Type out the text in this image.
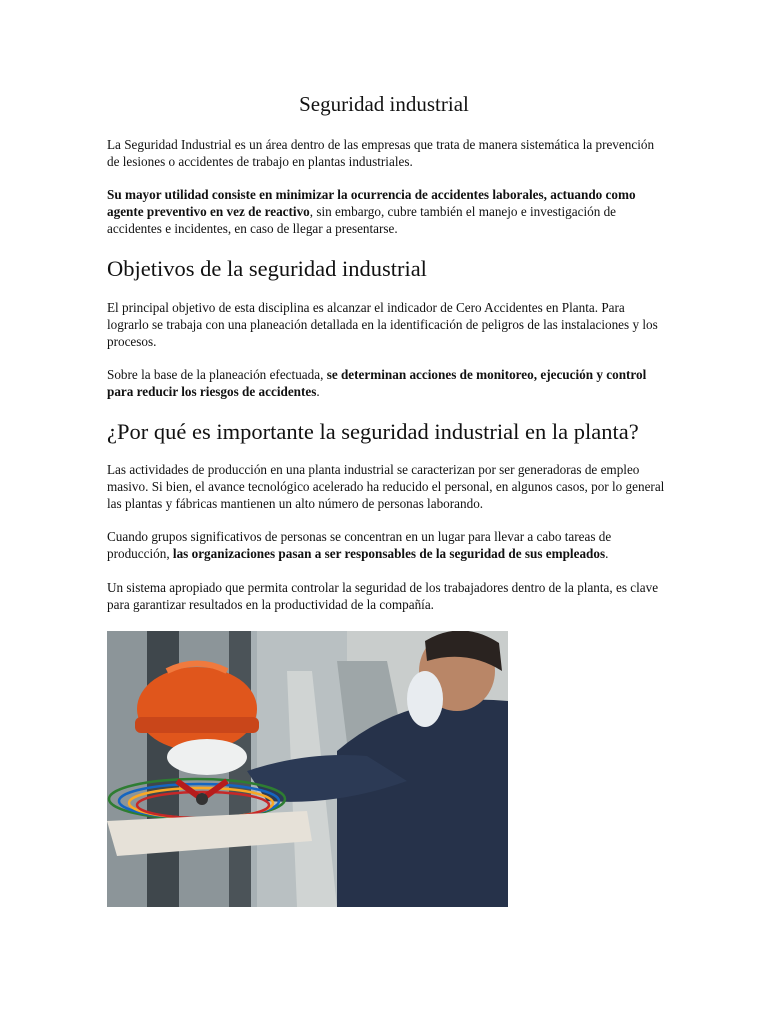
Seguridad industrial

La Seguridad Industrial es un área dentro de las empresas que trata de manera sistemática la prevención de lesiones o accidentes de trabajo en plantas industriales.

Su mayor utilidad consiste en minimizar la ocurrencia de accidentes laborales, actuando como agente preventivo en vez de reactivo, sin embargo, cubre también el manejo e investigación de accidentes e incidentes, en caso de llegar a presentarse.

Objetivos de la seguridad industrial

El principal objetivo de esta disciplina es alcanzar el indicador de Cero Accidentes en Planta. Para lograrlo se trabaja con una planeación detallada en la identificación de peligros de las instalaciones y los procesos.

Sobre la base de la planeación efectuada, se determinan acciones de monitoreo, ejecución y control para reducir los riesgos de accidentes.

¿Por qué es importante la seguridad industrial en la planta?

Las actividades de producción en una planta industrial se caracterizan por ser generadoras de empleo masivo. Si bien, el avance tecnológico acelerado ha reducido el personal, en algunos casos, por lo general las plantas y fábricas mantienen un alto número de personas laborando.

Cuando grupos significativos de personas se concentran en un lugar para llevar a cabo tareas de producción, las organizaciones pasan a ser responsables de la seguridad de sus empleados.

Un sistema apropiado que permita controlar la seguridad de los trabajadores dentro de la planta, es clave para garantizar resultados en la productividad de la compañía.
